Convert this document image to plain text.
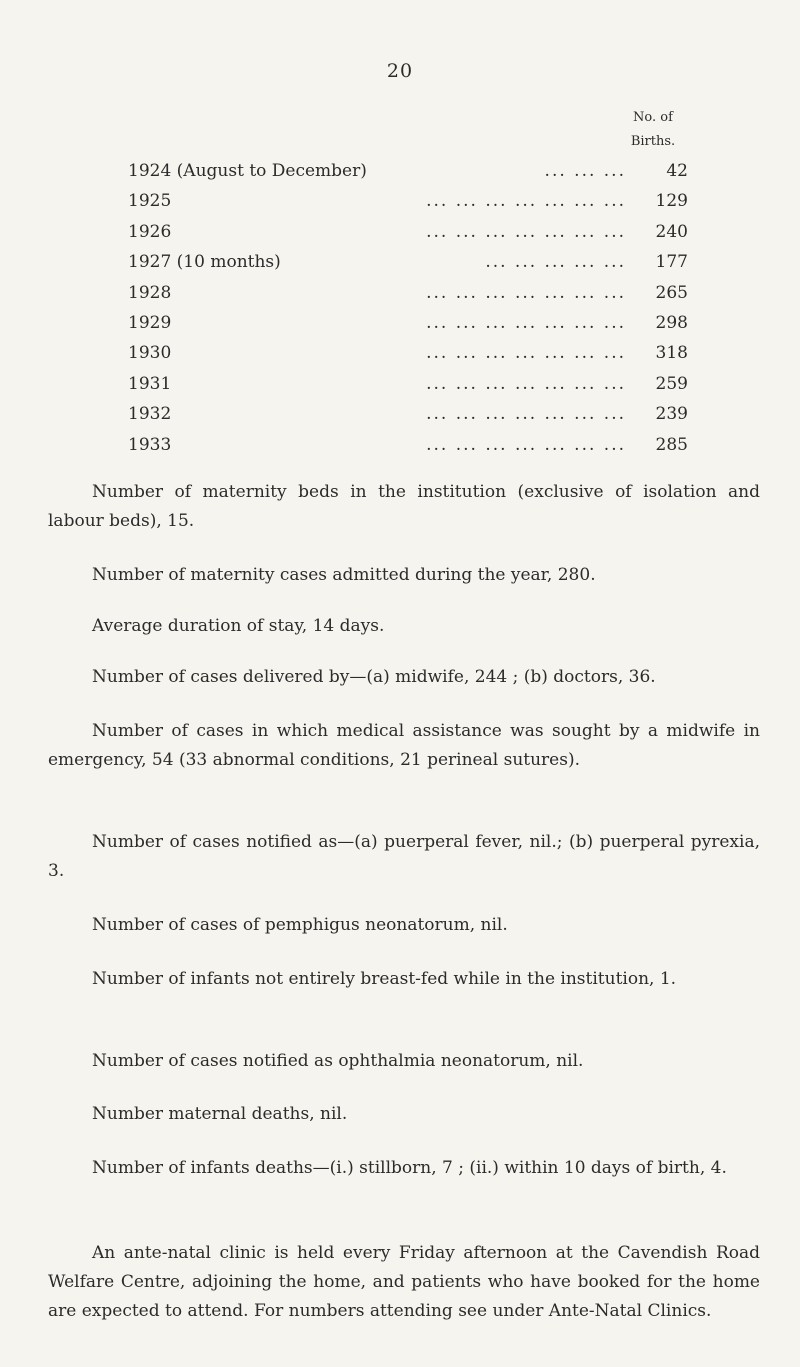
20
No. of
Births.
1924 (August to December)	... ... ...	42
1925	... ... ... ... ... ... ...	129
1926	... ... ... ... ... ... ...	240
1927 (10 months)	... ... ... ... ...	177
1928	... ... ... ... ... ... ...	265
1929	... ... ... ... ... ... ...	298
1930	... ... ... ... ... ... ...	318
1931	... ... ... ... ... ... ...	259
1932	... ... ... ... ... ... ...	239
1933	... ... ... ... ... ... ...	285

Number of maternity beds in the institution (exclusive of isolation and labour beds), 15.

Number of maternity cases admitted during the year, 280.

Average duration of stay, 14 days.

Number of cases delivered by—(a) midwife, 244 ; (b) doctors, 36.

Number of cases in which medical assistance was sought by a midwife in emergency, 54 (33 abnormal conditions, 21 perineal sutures).

Number of cases notified as—(a) puerperal fever, nil.; (b) puerperal pyrexia, 3.

Number of cases of pemphigus neonatorum, nil.

Number of infants not entirely breast-fed while in the institution, 1.

Number of cases notified as ophthalmia neonatorum, nil.

Number maternal deaths, nil.

Number of infants deaths—(i.) stillborn, 7 ; (ii.) within 10 days of birth, 4.

An ante-natal clinic is held every Friday afternoon at the Cavendish Road Welfare Centre, adjoining the home, and patients who have booked for the home are expected to attend. For numbers attending see under Ante-Natal Clinics.
